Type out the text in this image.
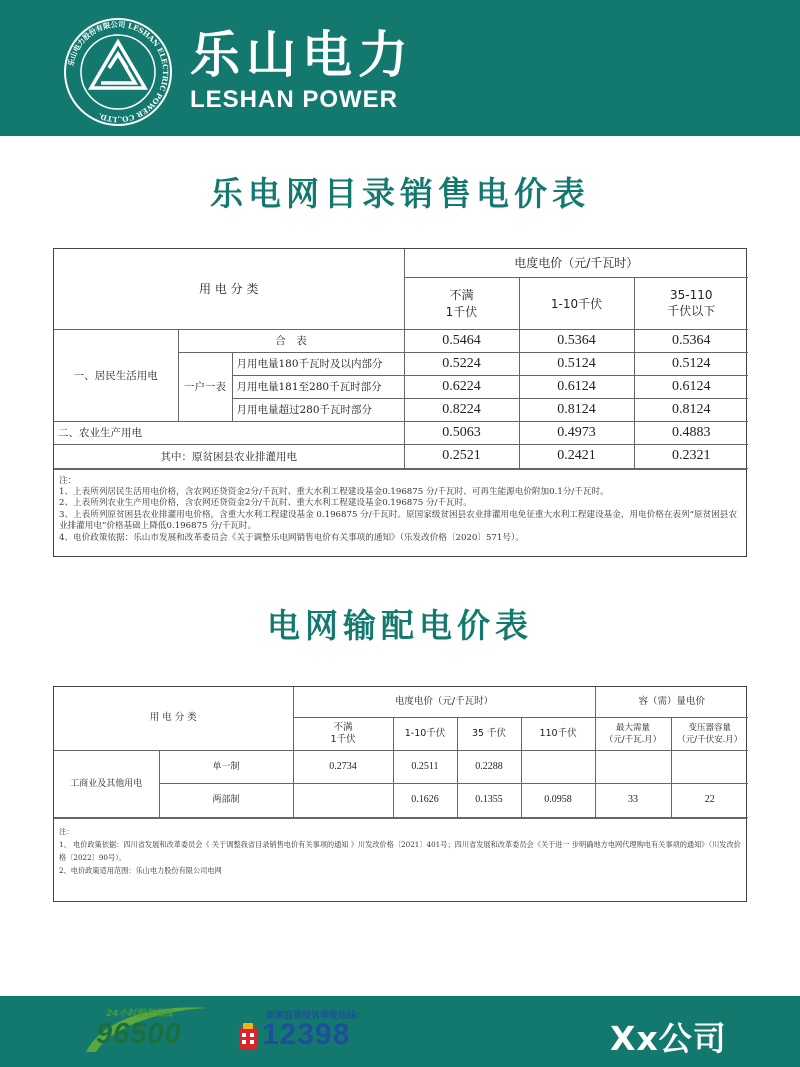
乐山电力股份有限公司 LESHAN ELECTRIC POWER CO.,LTD.
乐山电力
LESHAN POWER
乐电网目录销售电价表
用 电 分 类			电度电价（元/千瓦时）		
			不满
1千伏	1-10千伏	35-110
千伏以下
一、居民生活用电	合　表		0.5464	0.5364	0.5364
	一户一表	月用电量180千瓦时及以内部分	0.5224	0.5124	0.5124
		月用电量181至280千瓦时部分	0.6224	0.6124	0.6124
		月用电量超过280千瓦时部分	0.8224	0.8124	0.8124
二、农业生产用电			0.5063	0.4973	0.4883
其中：原贫困县农业排灌用电			0.2521	0.2421	0.2321
注：
1、上表所列居民生活用电价格，含农网还贷资金2分/千瓦时、重大水利工程建设基金0.196875 分/千瓦时、可再生能源电价附加0.1分/千瓦时。
2、上表所列农业生产用电价格，含农网还贷资金2分/千瓦时、重大水利工程建设基金0.196875 分/千瓦时。
3、上表所列原贫困县农业排灌用电价格，含重大水利工程建设基金 0.196875 分/千瓦时。原国家级贫困县农业排灌用电免征重大水利工程建设基金，用电价格在表列“原贫困县农业排灌用电”价格基础上降低0.196875 分/千瓦时。
4、电价政策依据：乐山市发展和改革委员会《关于调整乐电网销售电价有关事项的通知》（乐发改价格〔2020〕571号）。
电网输配电价表
用 电 分 类		电度电价（元/千瓦时）				容（需）量电价	
		不满
1千伏	1-10千伏	35 千伏	110千伏	最大需量
（元/千瓦.月）	变压器容量
（元/千伏安.月）
工商业及其他用电	单一制	0.2734	0.2511	0.2288			
	两部制		0.1626	0.1355	0.0958	33	22
注：
1、 电价政策依据：四川省发展和改革委员会《 关于调整我省目录销售电价有关事项的通知 》川发改价格〔2021〕401号；四川省发展和改革委员会《关于进一 步明确地方电网代理购电有关事项的通知》（川发改价格〔2022〕90号）。
2、电价政策适用范围：乐山电力股份有限公司电网
24小时服务热线
96500
能源监管投诉举报热线:
12398	Xx公司
